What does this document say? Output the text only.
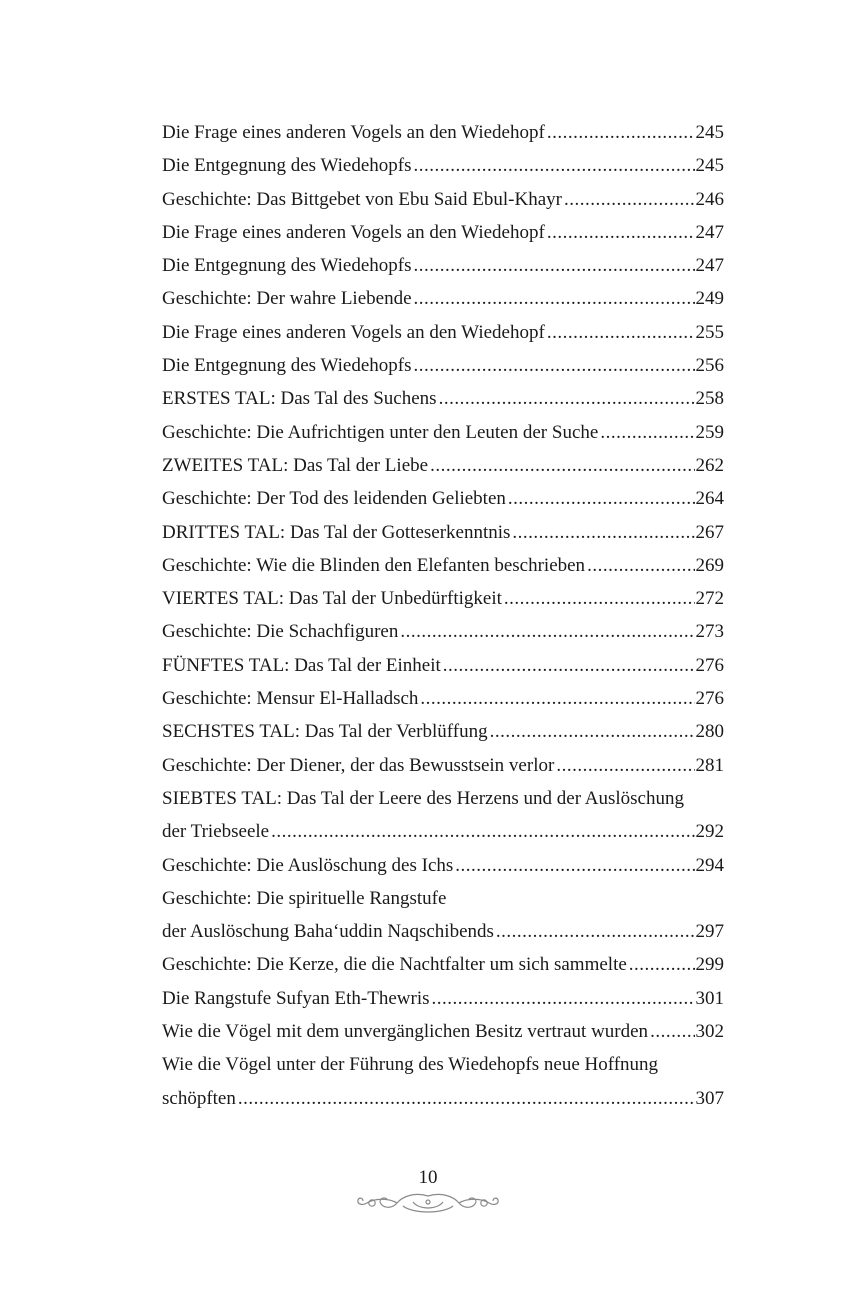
Die Frage eines anderen Vogels an den Wiedehopf .....	245
Die Entgegnung des Wiedehopfs .....	245
Geschichte: Das Bittgebet von Ebu Said Ebul-Khayr .....	246
Die Frage eines anderen Vogels an den Wiedehopf .....	247
Die Entgegnung des Wiedehopfs .....	247
Geschichte: Der wahre Liebende .....	249
Die Frage eines anderen Vogels an den Wiedehopf .....	255
Die Entgegnung des Wiedehopfs .....	256
ERSTES TAL: Das Tal des Suchens .....	258
Geschichte: Die Aufrichtigen unter den Leuten der Suche .....	259
ZWEITES TAL: Das Tal der Liebe .....	262
Geschichte: Der Tod des leidenden Geliebten .....	264
DRITTES TAL: Das Tal der Gotteserkenntnis .....	267
Geschichte: Wie die Blinden den Elefanten beschrieben .....	269
VIERTES TAL: Das Tal der Unbedürftigkeit .....	272
Geschichte: Die Schachfiguren .....	273
FÜNFTES TAL: Das Tal der Einheit .....	276
Geschichte: Mensur El-Halladsch .....	276
SECHSTES TAL: Das Tal der Verblüffung .....	280
Geschichte: Der Diener, der das Bewusstsein verlor .....	281
SIEBTES TAL: Das Tal der Leere des Herzens und der Auslöschung
der Triebseele .....	292
Geschichte: Die Auslöschung des Ichs .....	294
Geschichte: Die spirituelle Rangstufe
der Auslöschung Baha‘uddin Naqschibends .....	297
Geschichte: Die Kerze, die die Nachtfalter um sich sammelte .....	299
Die Rangstufe Sufyan Eth-Thewris .....	301
Wie die Vögel mit dem unvergänglichen Besitz vertraut wurden ..... 302
Wie die Vögel unter der Führung des Wiedehopfs neue Hoffnung
schöpften .....	307
10
